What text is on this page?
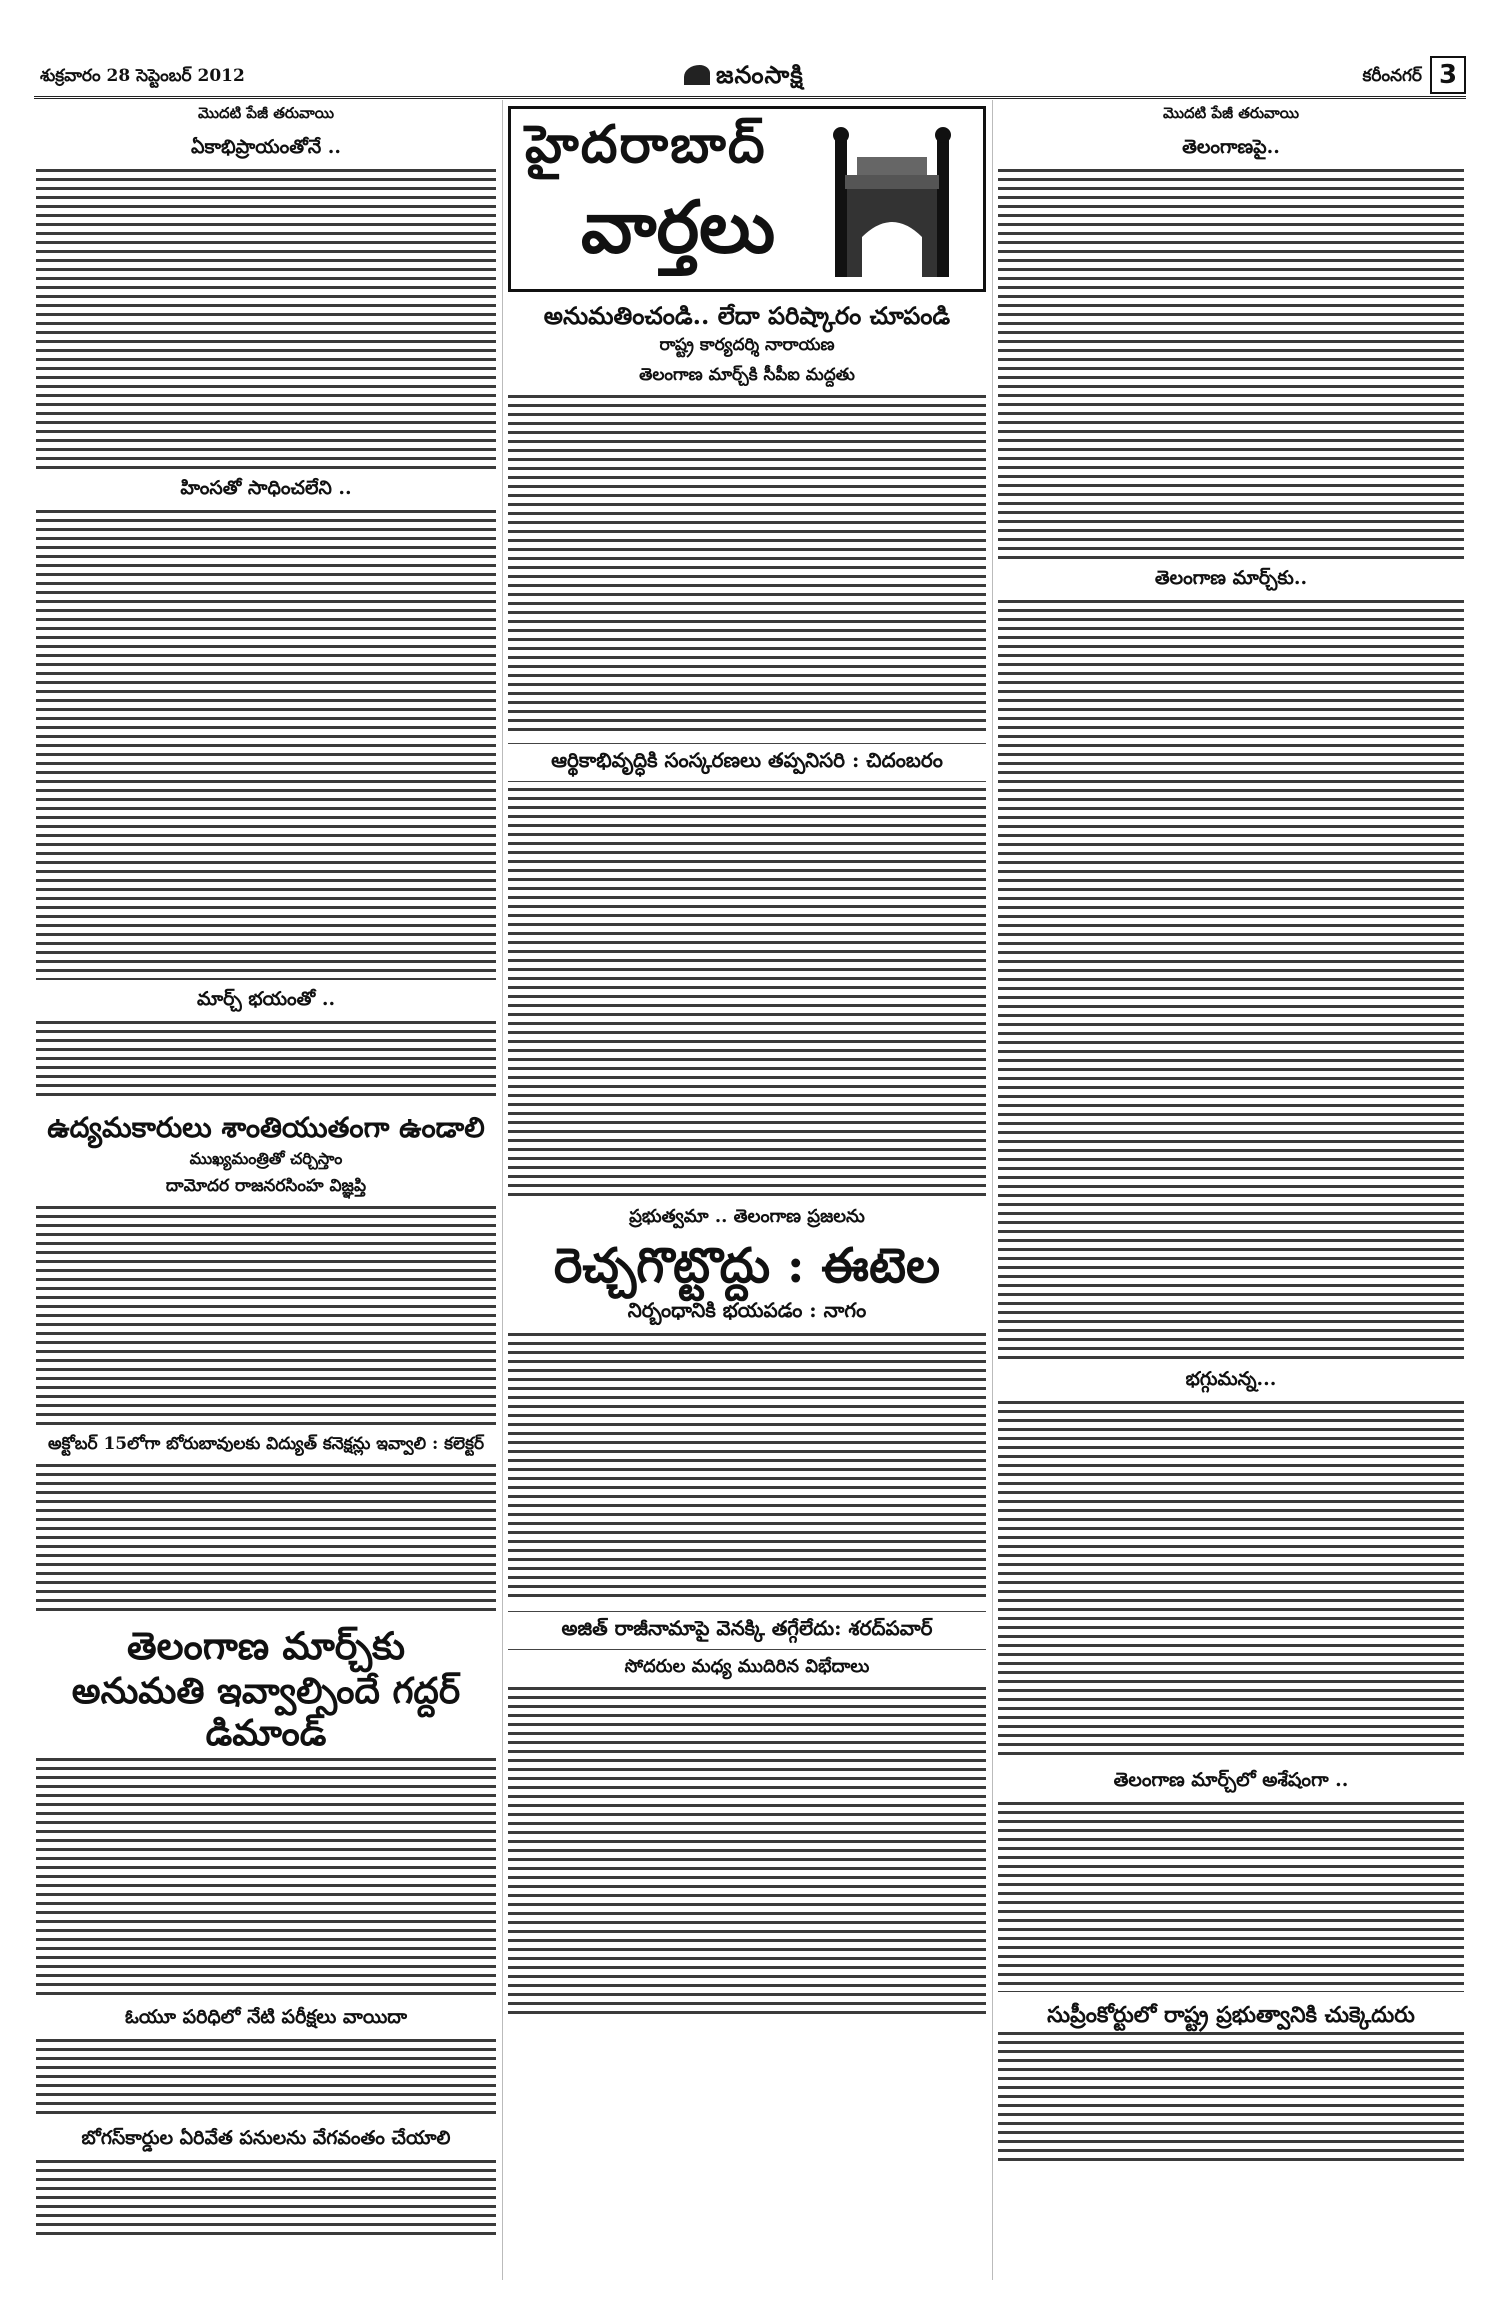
శుక్రవారం 28 సెప్టెంబర్ 2012	జనంసాక్షి	కరీంనగర్ 3
మొదటి పేజీ తరువాయి
ఏకాభిప్రాయంతోనే ..
హింసతో సాధించలేని ..
మార్చ్ భయంతో ..
ఉద్యమకారులు శాంతియుతంగా ఉండాలి
ముఖ్యమంత్రితో చర్చిస్తాం
దామోదర రాజనరసింహ విజ్ఞప్తి
అక్టోబర్ 15లోగా బోరుబావులకు విద్యుత్ కనెక్షన్లు ఇవ్వాలి : కలెక్టర్
తెలంగాణ మార్చ్‌కు
అనుమతి ఇవ్వాల్సిందే గద్దర్ డిమాండ్
ఓయూ పరిధిలో నేటి పరీక్షలు వాయిదా
బోగస్‌కార్డుల ఏరివేత పనులను వేగవంతం చేయాలి
హైదరాబాద్
వార్తలు
అనుమతించండి.. లేదా పరిష్కారం చూపండి
రాష్ట్ర కార్యదర్శి నారాయణ
తెలంగాణ మార్చ్‌కి సీపీఐ మద్దతు
ఆర్థికాభివృద్ధికి సంస్కరణలు తప్పనిసరి : చిదంబరం
ప్రభుత్వమా .. తెలంగాణ ప్రజలను
రెచ్చగొట్టొద్దు : ఈటెల
నిర్బంధానికి భయపడం : నాగం
అజిత్ రాజీనామాపై వెనక్కి తగ్గేలేదు: శరద్‌పవార్
సోదరుల మధ్య ముదిరిన విభేదాలు
మొదటి పేజీ తరువాయి
తెలంగాణపై..
తెలంగాణ మార్చ్‌కు..
భగ్గుమన్న...
తెలంగాణ మార్చ్‌లో అశేషంగా ..
సుప్రీంకోర్టులో రాష్ట్ర ప్రభుత్వానికి చుక్కెదురు
